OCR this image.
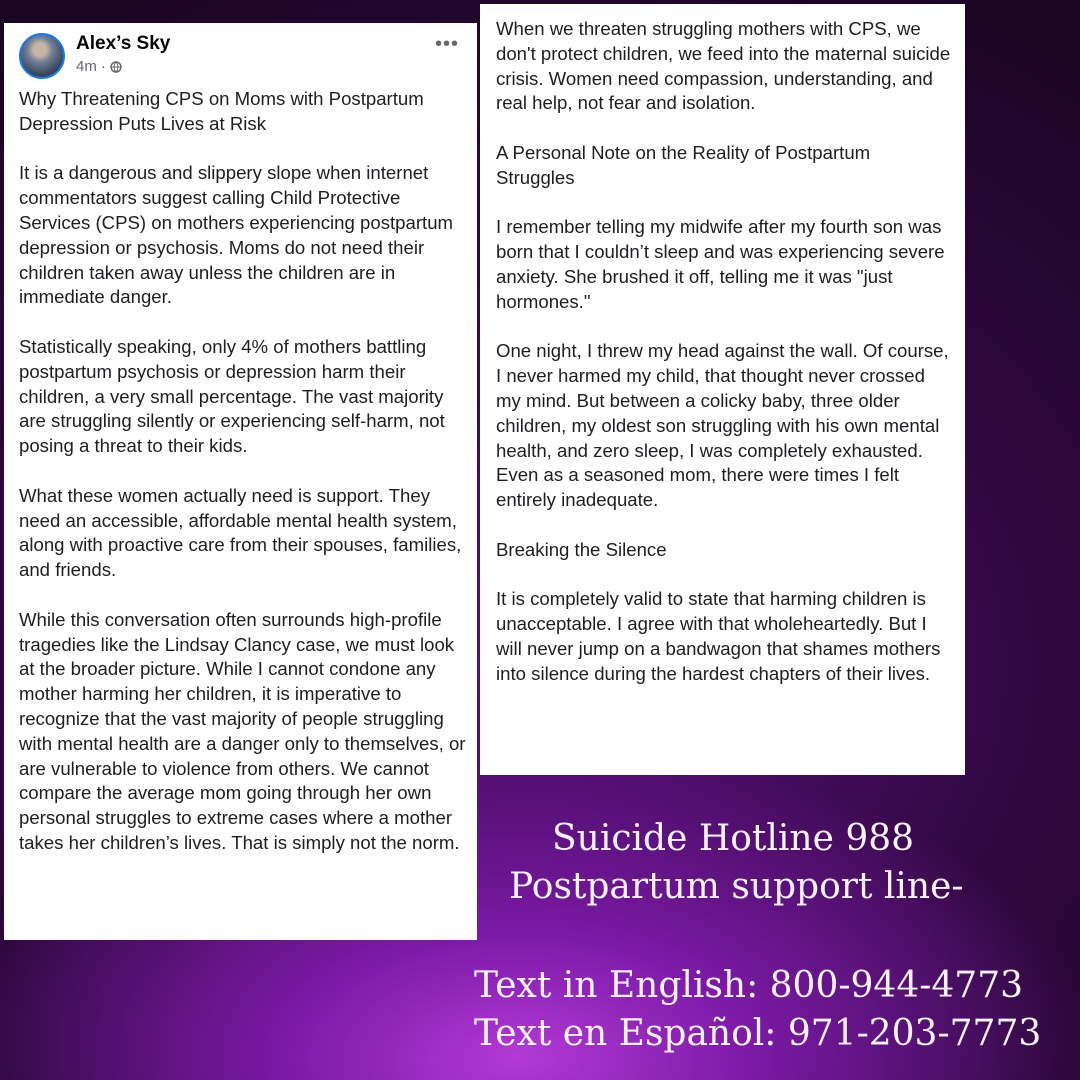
Alex’s Sky
4m ·
•••

Why Threatening CPS on Moms with Postpartum Depression Puts Lives at Risk

It is a dangerous and slippery slope when internet commentators suggest calling Child Protective Services (CPS) on mothers experiencing postpartum depression or psychosis. Moms do not need their children taken away unless the children are in immediate danger.

Statistically speaking, only 4% of mothers battling postpartum psychosis or depression harm their children, a very small percentage. The vast majority are struggling silently or experiencing self-harm, not posing a threat to their kids.

What these women actually need is support. They need an accessible, affordable mental health system, along with proactive care from their spouses, families, and friends.

While this conversation often surrounds high-profile tragedies like the Lindsay Clancy case, we must look at the broader picture. While I cannot condone any mother harming her children, it is imperative to recognize that the vast majority of people struggling with mental health are a danger only to themselves, or are vulnerable to violence from others. We cannot compare the average mom going through her own personal struggles to extreme cases where a mother takes her children’s lives. That is simply not the norm.

When we threaten struggling mothers with CPS, we don't protect children, we feed into the maternal suicide crisis. Women need compassion, understanding, and real help, not fear and isolation.

A Personal Note on the Reality of Postpartum Struggles

I remember telling my midwife after my fourth son was born that I couldn’t sleep and was experiencing severe anxiety. She brushed it off, telling me it was "just hormones."

One night, I threw my head against the wall. Of course, I never harmed my child, that thought never crossed my mind. But between a colicky baby, three older children, my oldest son struggling with his own mental health, and zero sleep, I was completely exhausted. Even as a seasoned mom, there were times I felt entirely inadequate.

Breaking the Silence

It is completely valid to state that harming children is unacceptable. I agree with that wholeheartedly. But I will never jump on a bandwagon that shames mothers into silence during the hardest chapters of their lives.

Suicide Hotline 988
Postpartum support line-
Text in English: 800-944-4773
Text en Español: 971-203-7773
